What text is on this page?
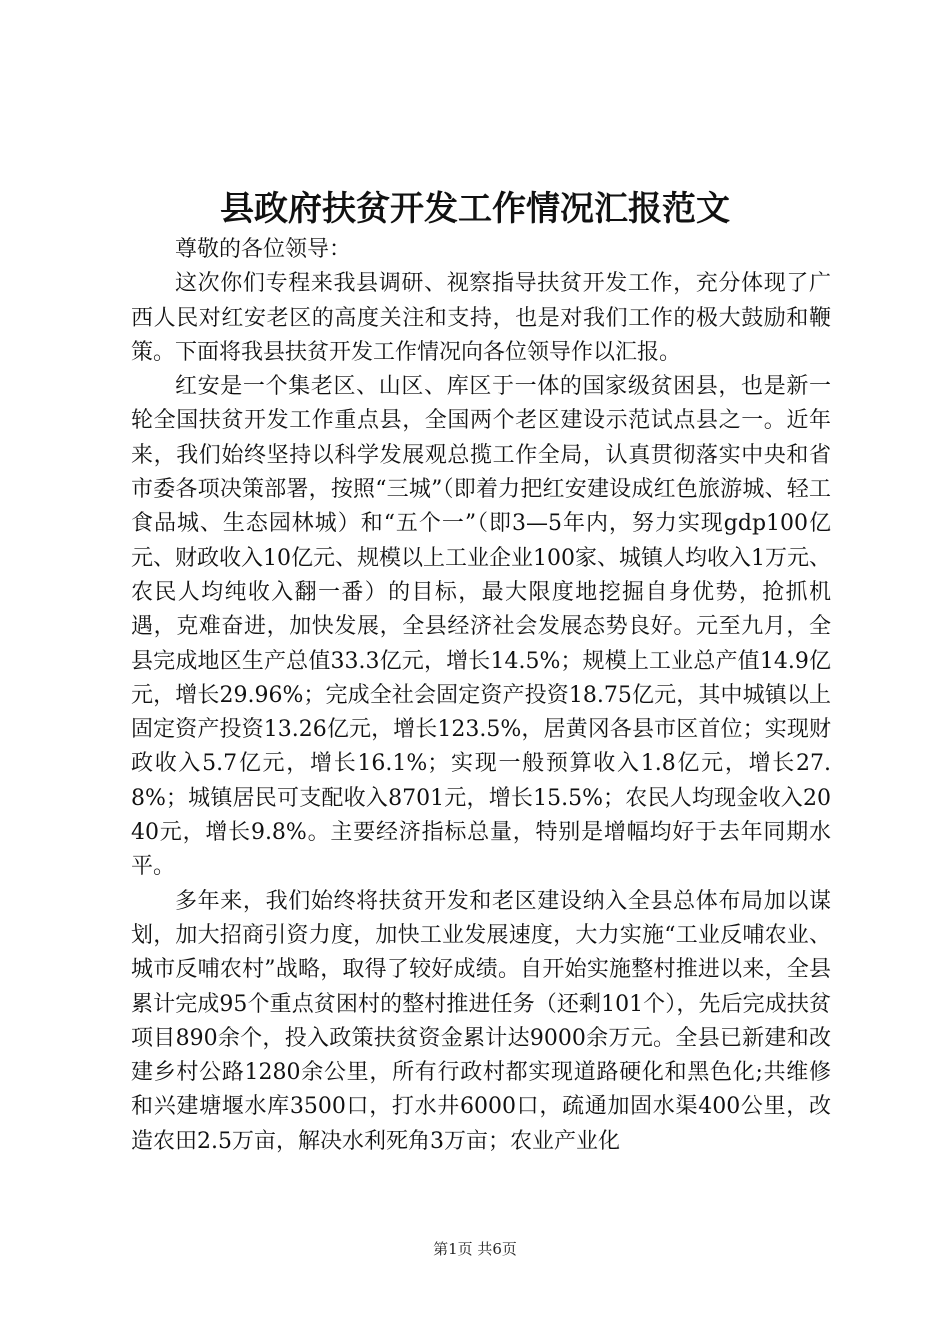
县政府扶贫开发工作情况汇报范文

尊敬的各位领导：

这次你们专程来我县调研、视察指导扶贫开发工作，充分体现了广西人民对红安老区的高度关注和支持，也是对我们工作的极大鼓励和鞭策。下面将我县扶贫开发工作情况向各位领导作以汇报。

红安是一个集老区、山区、库区于一体的国家级贫困县，也是新一轮全国扶贫开发工作重点县，全国两个老区建设示范试点县之一。近年来，我们始终坚持以科学发展观总揽工作全局，认真贯彻落实中央和省市委各项决策部署，按照“三城”（即着力把红安建设成红色旅游城、轻工食品城、生态园林城）和“五个一”（即3—5年内，努力实现gdp100亿元、财政收入10亿元、规模以上工业企业100家、城镇人均收入1万元、农民人均纯收入翻一番）的目标，最大限度地挖掘自身优势，抢抓机遇，克难奋进，加快发展，全县经济社会发展态势良好。元至九月，全县完成地区生产总值33.3亿元，增长14.5%；规模上工业总产值14.9亿元，增长29.96%；完成全社会固定资产投资18.75亿元，其中城镇以上固定资产投资13.26亿元，增长123.5%，居黄冈各县市区首位；实现财政收入5.7亿元，增长16.1%；实现一般预算收入1.8亿元，增长27.8%；城镇居民可支配收入8701元，增长15.5%；农民人均现金收入2040元，增长9.8%。主要经济指标总量，特别是增幅均好于去年同期水平。

多年来，我们始终将扶贫开发和老区建设纳入全县总体布局加以谋划，加大招商引资力度，加快工业发展速度，大力实施“工业反哺农业、城市反哺农村”战略，取得了较好成绩。自开始实施整村推进以来，全县累计完成95个重点贫困村的整村推进任务（还剩101个），先后完成扶贫项目890余个，投入政策扶贫资金累计达9000余万元。全县已新建和改建乡村公路1280余公里，所有行政村都实现道路硬化和黑色化;共维修和兴建塘堰水库3500口，打水井6000口，疏通加固水渠400公里，改造农田2.5万亩，解决水利死角3万亩；农业产业化

第1页 共6页
